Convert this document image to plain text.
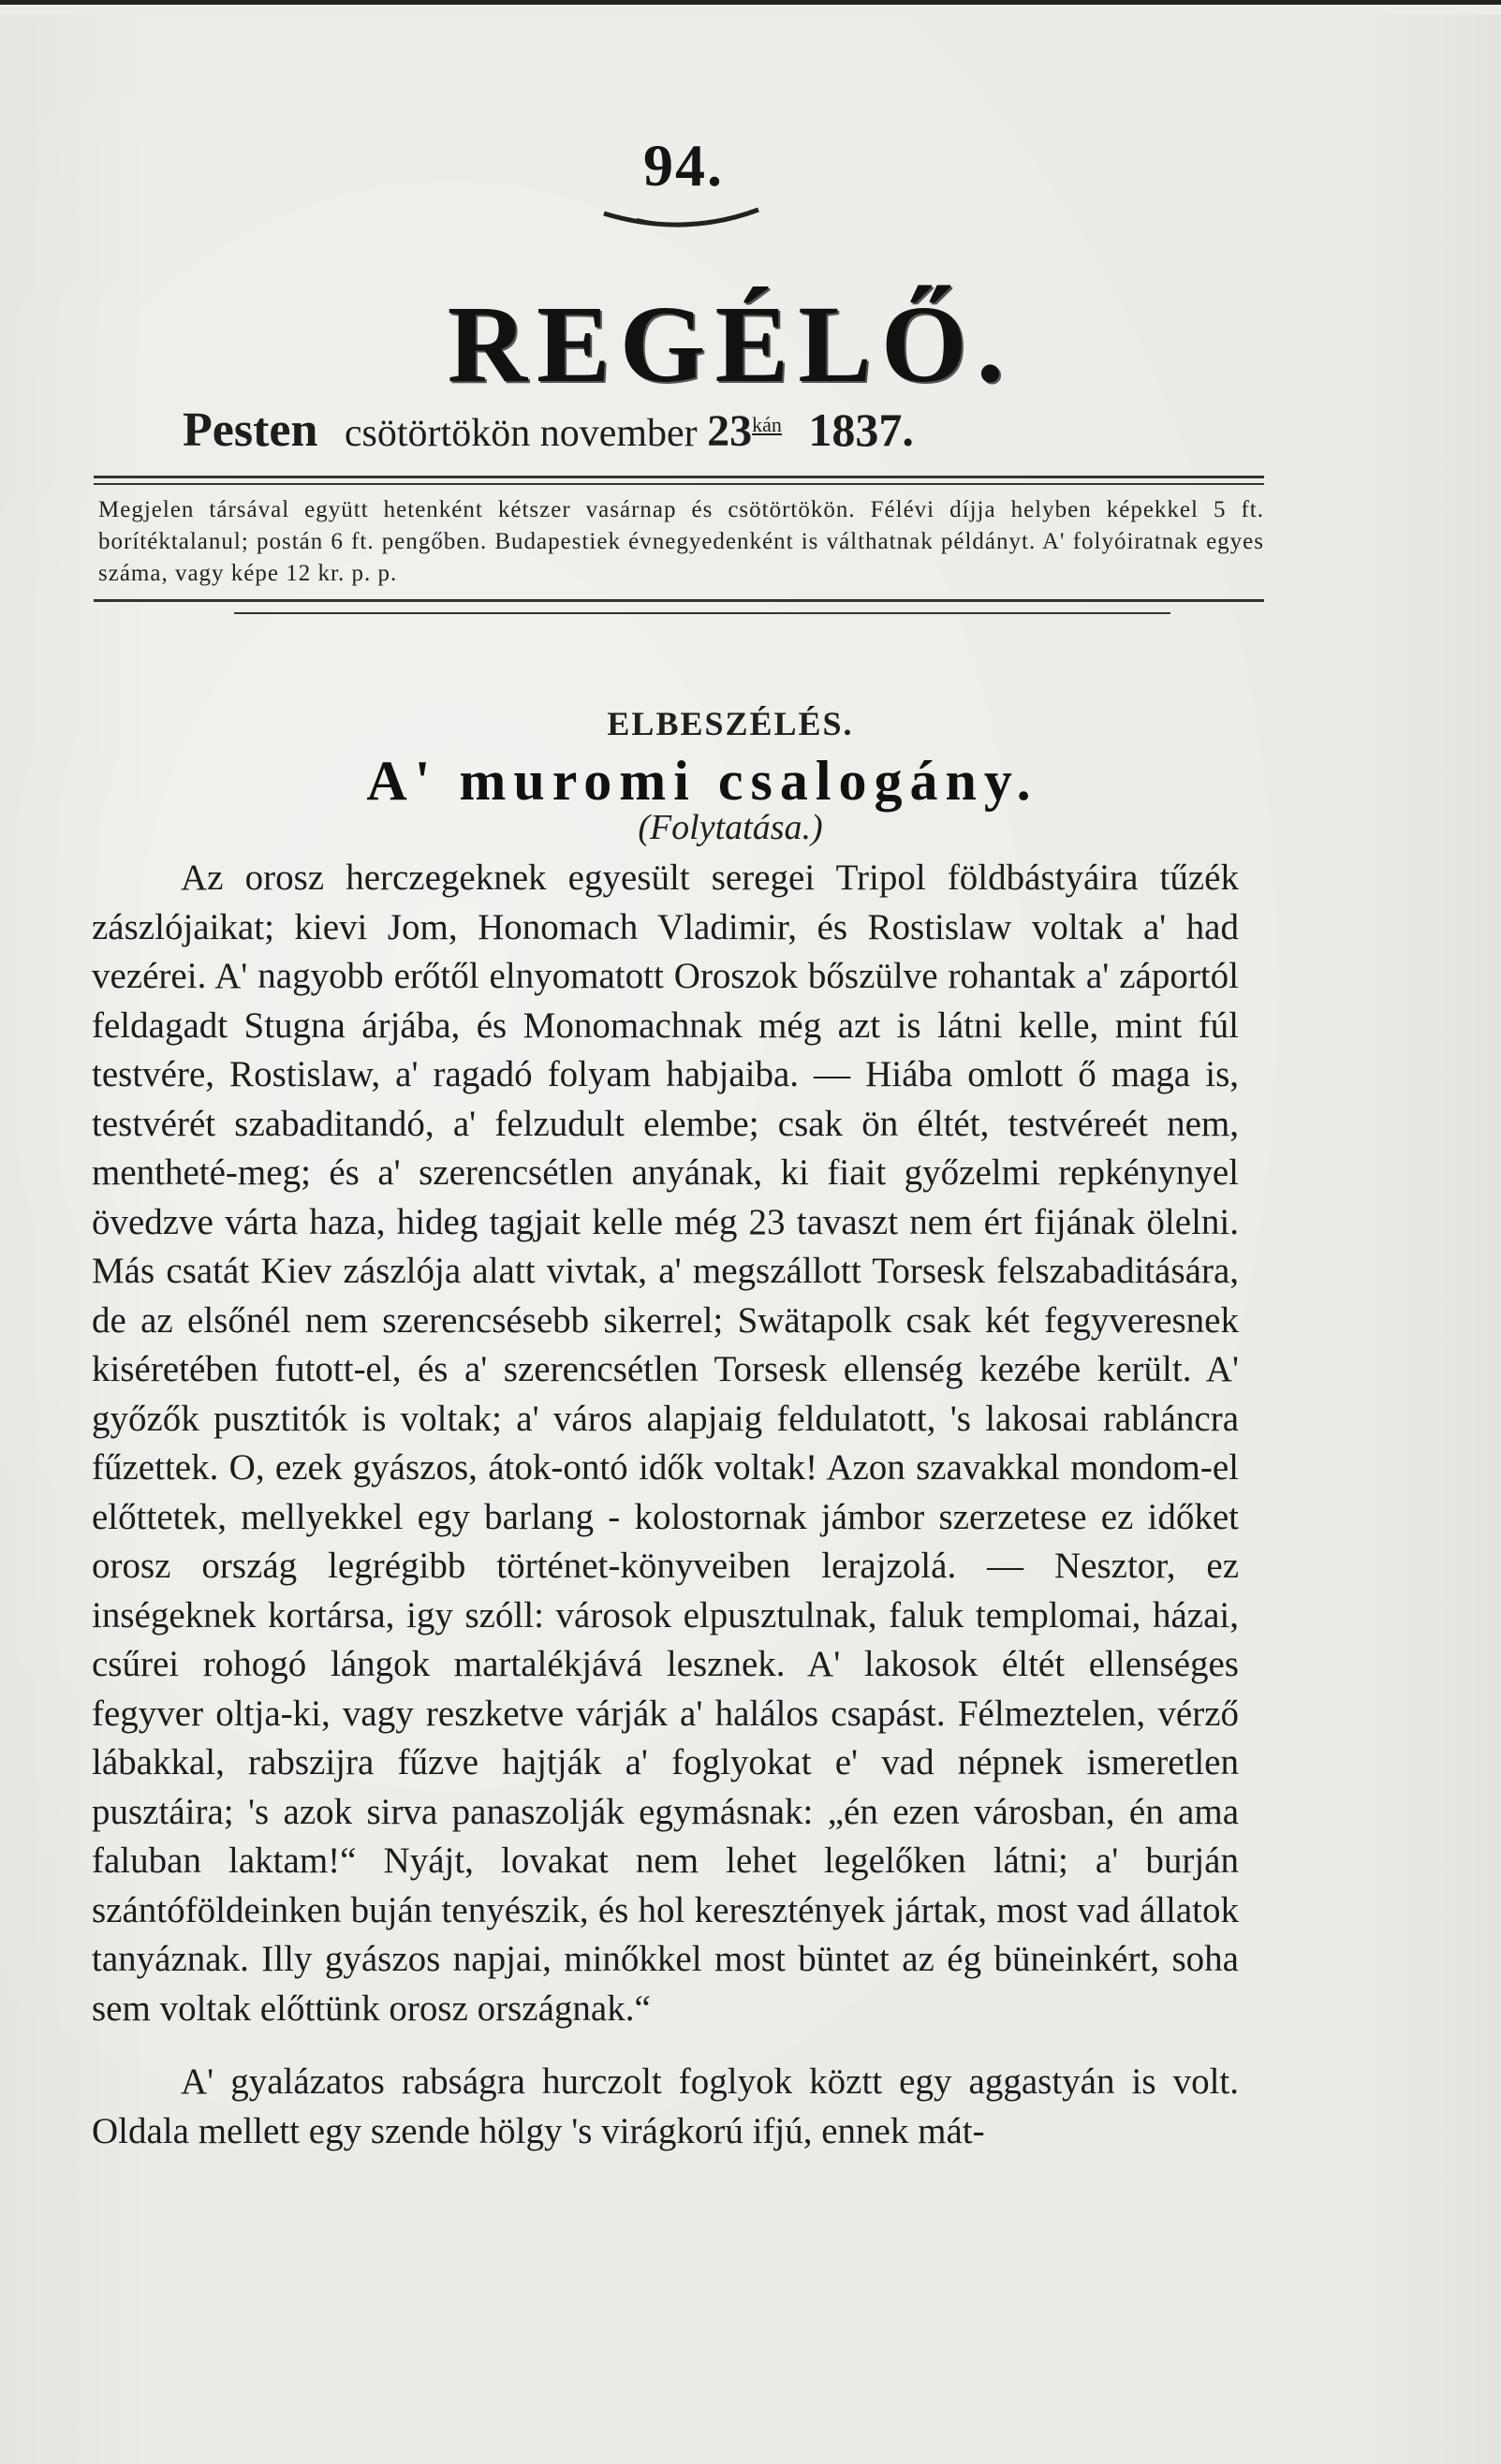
94.
REGÉLŐ.
Pesten csötörtökön november $23^{kán}$ 1837.
Megjelen társával együtt hetenként kétszer vasárnap és csötörtökön. Félévi díjja helyben képekkel 5 ft. borítéktalanul; postán 6 ft. pengőben. Budapestiek évnegyedenként is válthatnak példányt. A' folyóiratnak egyes száma, vagy képe 12 kr. p. p.
ELBESZÉLÉS.
A' muromi csalogány.
(Folytatása.)

Az orosz herczegeknek egyesült seregei Tripol földbástyáira tűzék zászlójaikat; kievi Jom, Honomach Vladimir, és Rostislaw voltak a' had vezérei. A' nagyobb erőtől elnyomatott Oroszok bőszülve rohantak a' záportól feldagadt Stugna árjába, és Monomachnak még azt is látni kelle, mint fúl testvére, Rostislaw, a' ragadó folyam habjaiba. — Hiába omlott ő maga is, testvérét szabaditandó, a' felzudult elembe; csak ön éltét, testvéreét nem, mentheté-meg; és a' szerencsétlen anyának, ki fiait győzelmi repkénynyel övedzve várta haza, hideg tagjait kelle még 23 tavaszt nem ért fijának ölelni. Más csatát Kiev zászlója alatt vivtak, a' megszállott Torsesk felszabaditására, de az elsőnél nem szerencsésebb sikerrel; Swätapolk csak két fegyveresnek kiséretében futott-el, és a' szerencsétlen Torsesk ellenség kezébe került. A' győzők pusztitók is voltak; a' város alapjaig feldulatott, 's lakosai rabláncra fűzettek. O, ezek gyászos, átok-ontó idők voltak! Azon szavakkal mondom-el előttetek, mellyekkel egy barlang - kolostornak jámbor szerzetese ez időket orosz ország legrégibb történet-könyveiben lerajzolá. — Nesztor, ez inségeknek kortársa, igy szóll: városok elpusztulnak, faluk templomai, házai, csűrei rohogó lángok martalékjává lesznek. A' lakosok éltét ellenséges fegyver oltja-ki, vagy reszketve várják a' halálos csapást. Félmeztelen, vérző lábakkal, rabszijra fűzve hajtják a' foglyokat e' vad népnek ismeretlen pusztáira; 's azok sirva panaszolják egymásnak: „én ezen városban, én ama faluban laktam!“ Nyájt, lovakat nem lehet legelőken látni; a' burján szántóföldeinken buján tenyészik, és hol keresztények jártak, most vad állatok tanyáznak. Illy gyászos napjai, minőkkel most büntet az ég büneinkért, soha sem voltak előttünk orosz országnak.“

A' gyalázatos rabságra hurczolt foglyok köztt egy aggastyán is volt. Oldala mellett egy szende hölgy 's virágkorú ifjú, ennek mát-
